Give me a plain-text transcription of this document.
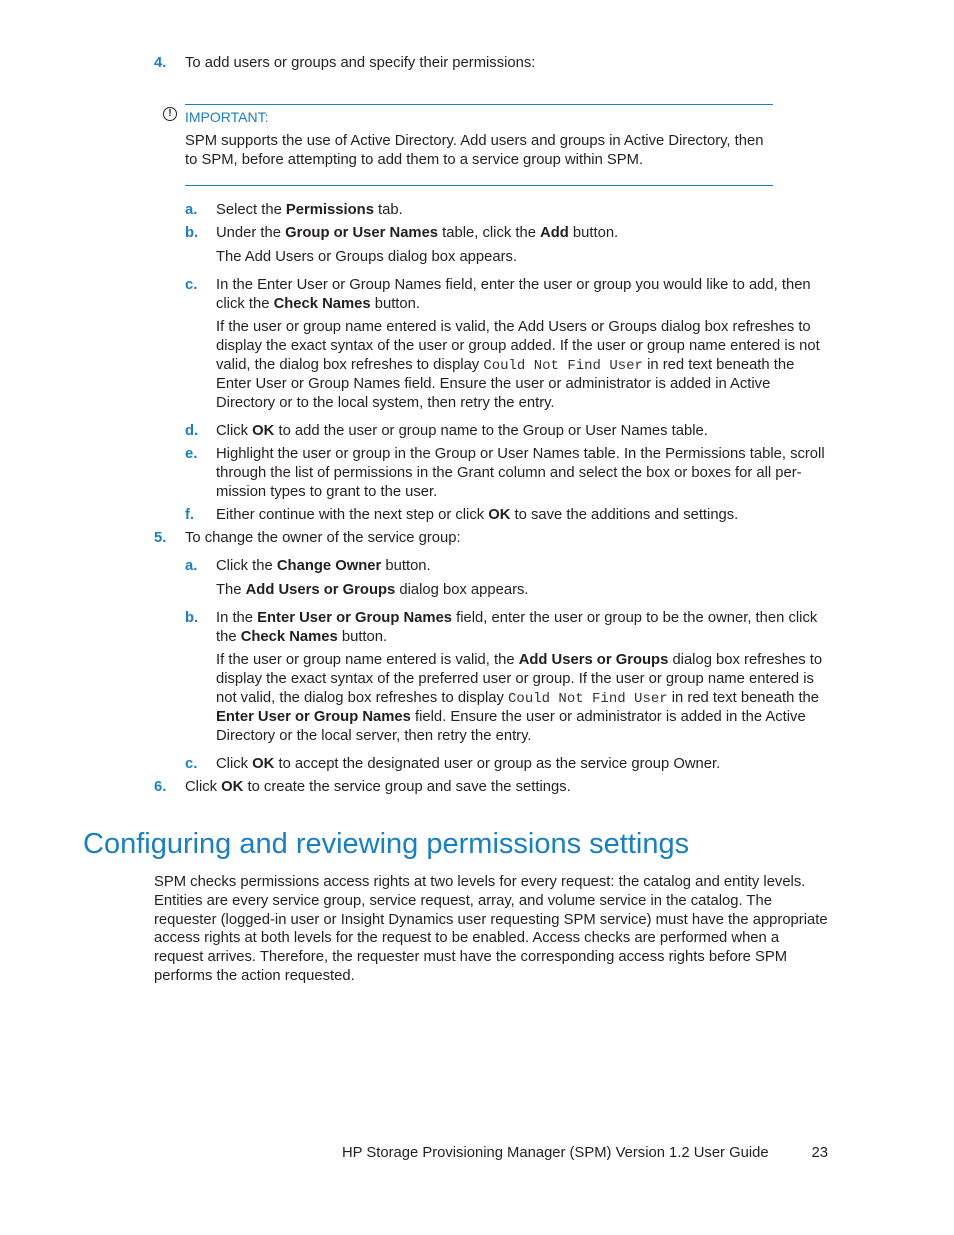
4. To add users or groups and specify their permissions:
! IMPORTANT:
SPM supports the use of Active Directory. Add users and groups in Active Directory, then to SPM, before attempting to add them to a service group within SPM.
a. Select the Permissions tab.
b. Under the Group or User Names table, click the Add button.
The Add Users or Groups dialog box appears.
c. In the Enter User or Group Names field, enter the user or group you would like to add, then click the Check Names button.
If the user or group name entered is valid, the Add Users or Groups dialog box refreshes to display the exact syntax of the user or group added. If the user or group name entered is not valid, the dialog box refreshes to display Could Not Find User in red text beneath the Enter User or Group Names field. Ensure the user or administrator is added in Active Directory or to the local system, then retry the entry.
d. Click OK to add the user or group name to the Group or User Names table.
e. Highlight the user or group in the Group or User Names table. In the Permissions table, scroll through the list of permissions in the Grant column and select the box or boxes for all per-mission types to grant to the user.
f. Either continue with the next step or click OK to save the additions and settings.
5. To change the owner of the service group:
a. Click the Change Owner button.
The Add Users or Groups dialog box appears.
b. In the Enter User or Group Names field, enter the user or group to be the owner, then click the Check Names button.
If the user or group name entered is valid, the Add Users or Groups dialog box refreshes to display the exact syntax of the preferred user or group. If the user or group name entered is not valid, the dialog box refreshes to display Could Not Find User in red text beneath the Enter User or Group Names field. Ensure the user or administrator is added in the Active Directory or the local server, then retry the entry.
c. Click OK to accept the designated user or group as the service group Owner.
6. Click OK to create the service group and save the settings.
Configuring and reviewing permissions settings
SPM checks permissions access rights at two levels for every request: the catalog and entity levels. Entities are every service group, service request, array, and volume service in the catalog. The requester (logged-in user or Insight Dynamics user requesting SPM service) must have the appropriate access rights at both levels for the request to be enabled. Access checks are performed when a request arrives. Therefore, the requester must have the corresponding access rights before SPM performs the action requested.
HP Storage Provisioning Manager (SPM) Version 1.2 User Guide	23
